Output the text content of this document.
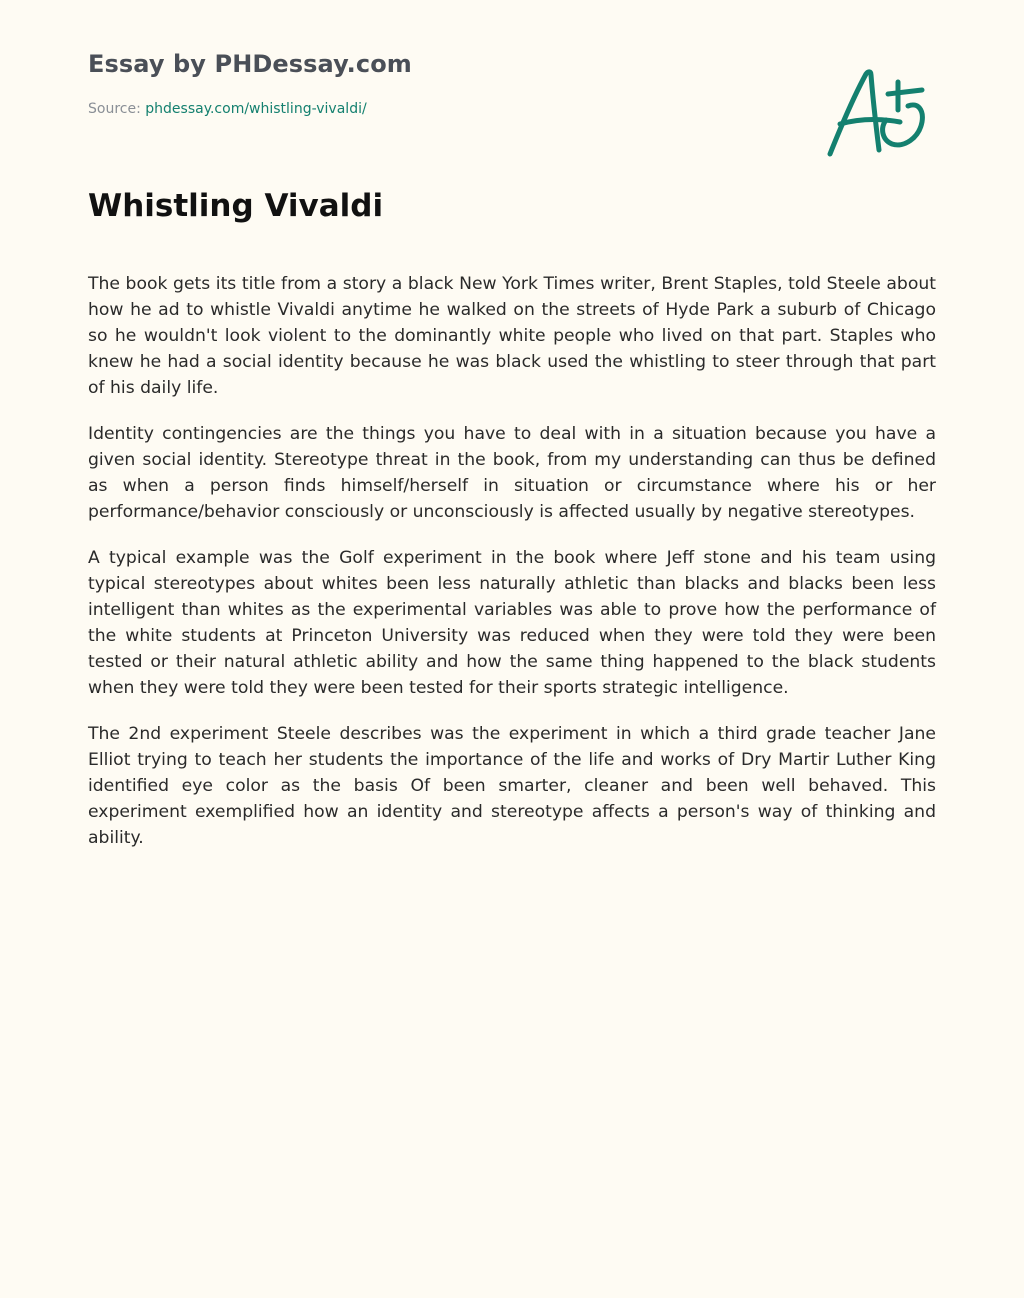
Essay by PHDessay.com
Source: phdessay.com/whistling-vivaldi/
Whistling Vivaldi

The book gets its title from a story a black New York Times writer, Brent Staples, told Steele about how he ad to whistle Vivaldi anytime he walked on the streets of Hyde Park a suburb of Chicago so he wouldn't look violent to the dominantly white people who lived on that part. Staples who knew he had a social identity because he was black used the whistling to steer through that part of his daily life.

Identity contingencies are the things you have to deal with in a situation because you have a given social identity. Stereotype threat in the book, from my understanding can thus be defined as when a person finds himself/herself in situation or circumstance where his or her performance/behavior consciously or unconsciously is affected usually by negative stereotypes.

A typical example was the Golf experiment in the book where Jeff stone and his team using typical stereotypes about whites been less naturally athletic than blacks and blacks been less intelligent than whites as the experimental variables was able to prove how the performance of the white students at Princeton University was reduced when they were told they were been tested or their natural athletic ability and how the same thing happened to the black students when they were told they were been tested for their sports strategic intelligence.

The 2nd experiment Steele describes was the experiment in which a third grade teacher Jane Elliot trying to teach her students the importance of the life and works of Dry Martir Luther King identified eye color as the basis Of been smarter, cleaner and been well behaved. This experiment exemplified how an identity and stereotype affects a person's way of thinking and ability.
